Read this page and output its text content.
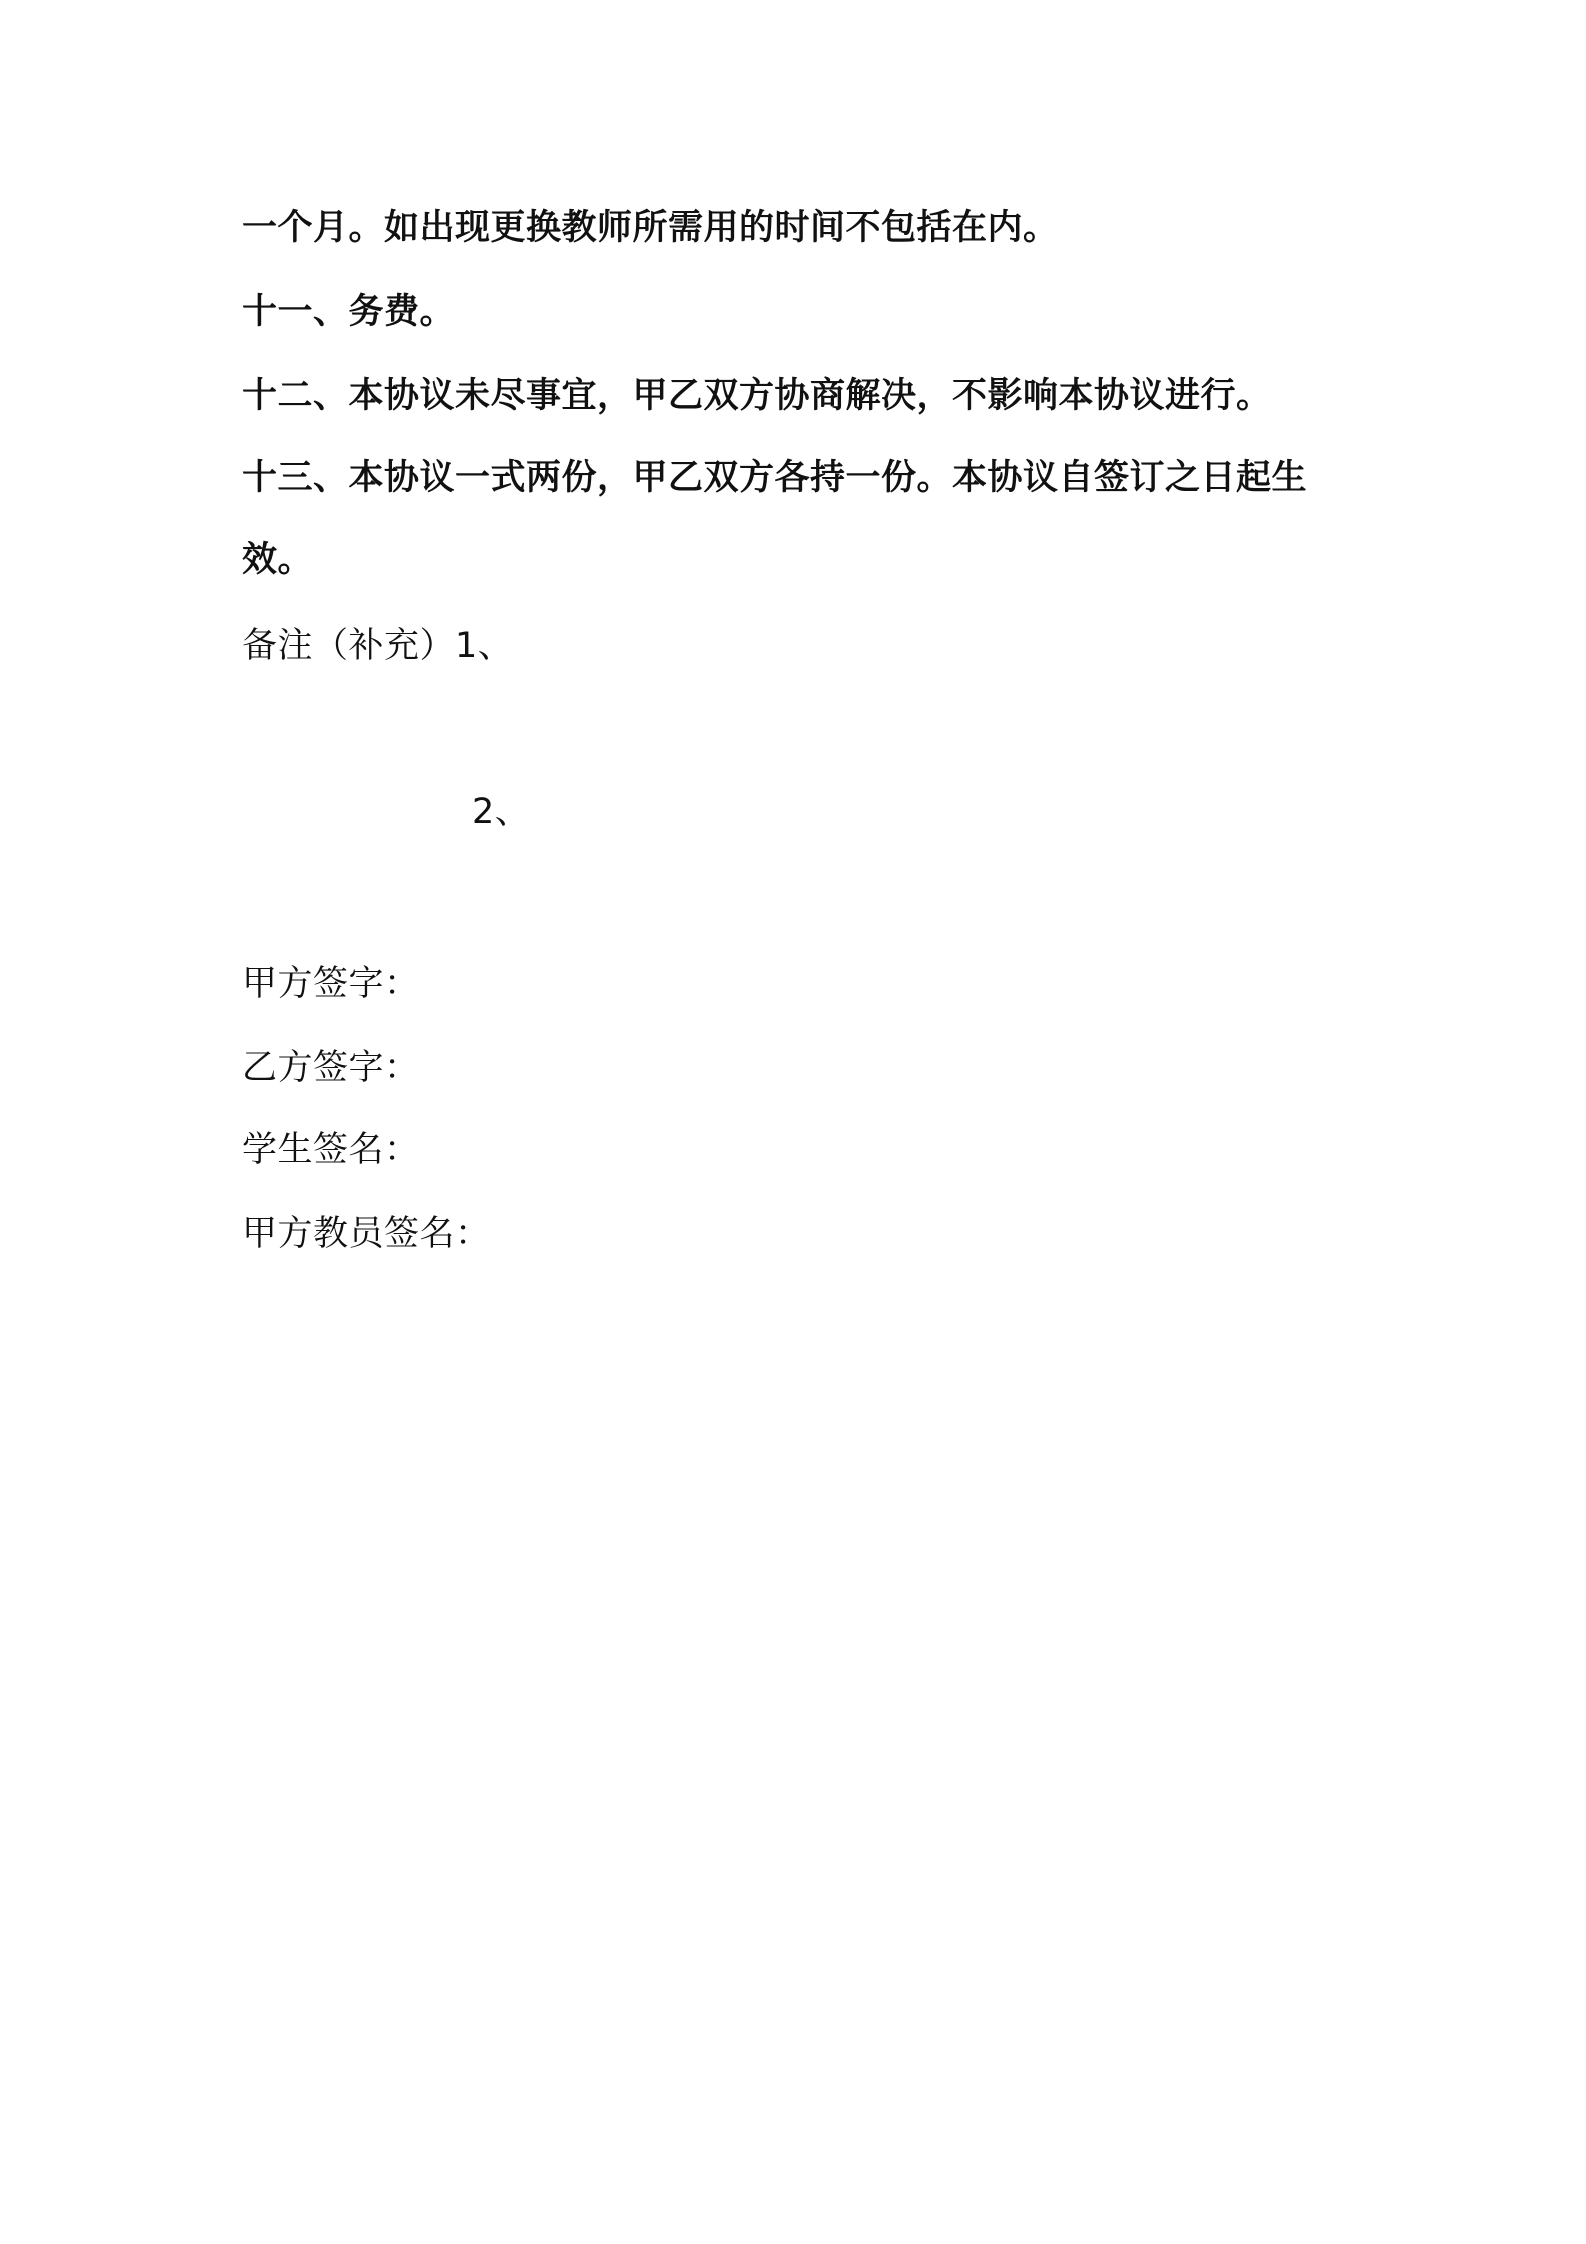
一个月。如出现更换教师所需用的时间不包括在内。
十一、务费。
十二、本协议未尽事宜，甲乙双方协商解决，不影响本协议进行。
十三、本协议一式两份，甲乙双方各持一份。本协议自签订之日起生
效。
备注（补充）1、
2、
甲方签字：
乙方签字：
学生签名：
甲方教员签名：
